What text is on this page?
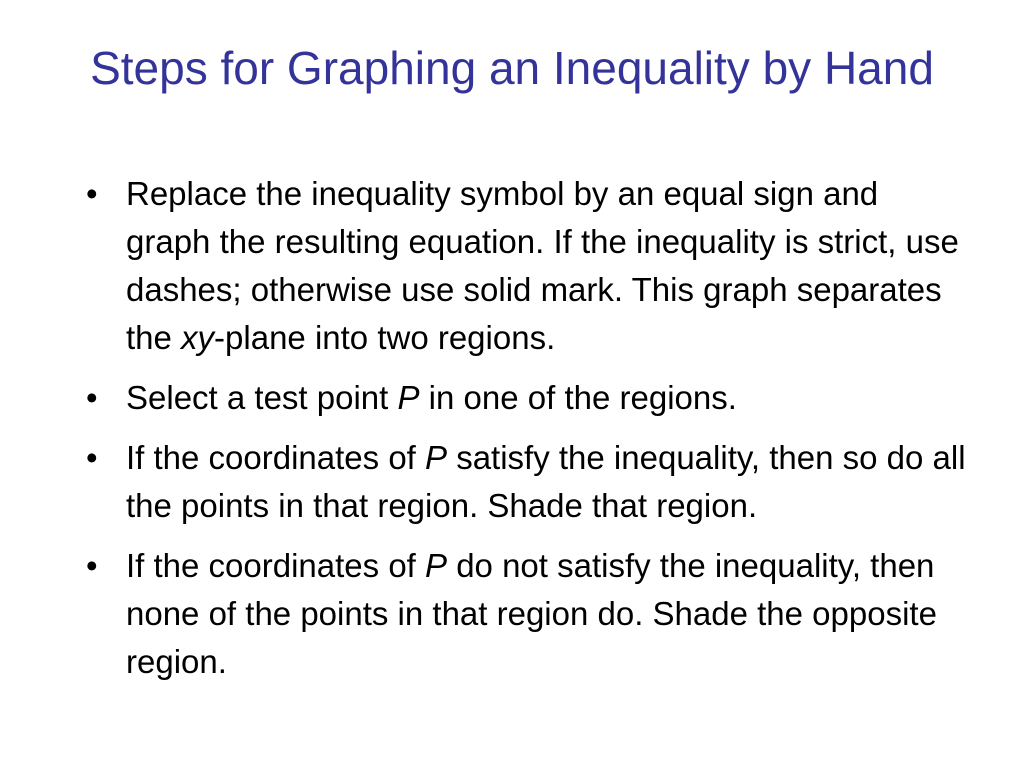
Steps for Graphing an Inequality by Hand
• Replace the inequality symbol by an equal sign and graph the resulting equation. If the inequality is strict, use dashes; otherwise use solid mark. This graph separates the xy-plane into two regions.
• Select a test point P in one of the regions.
• If the coordinates of P satisfy the inequality, then so do all the points in that region. Shade that region.
• If the coordinates of P do not satisfy the inequality, then none of the points in that region do. Shade the opposite region.
